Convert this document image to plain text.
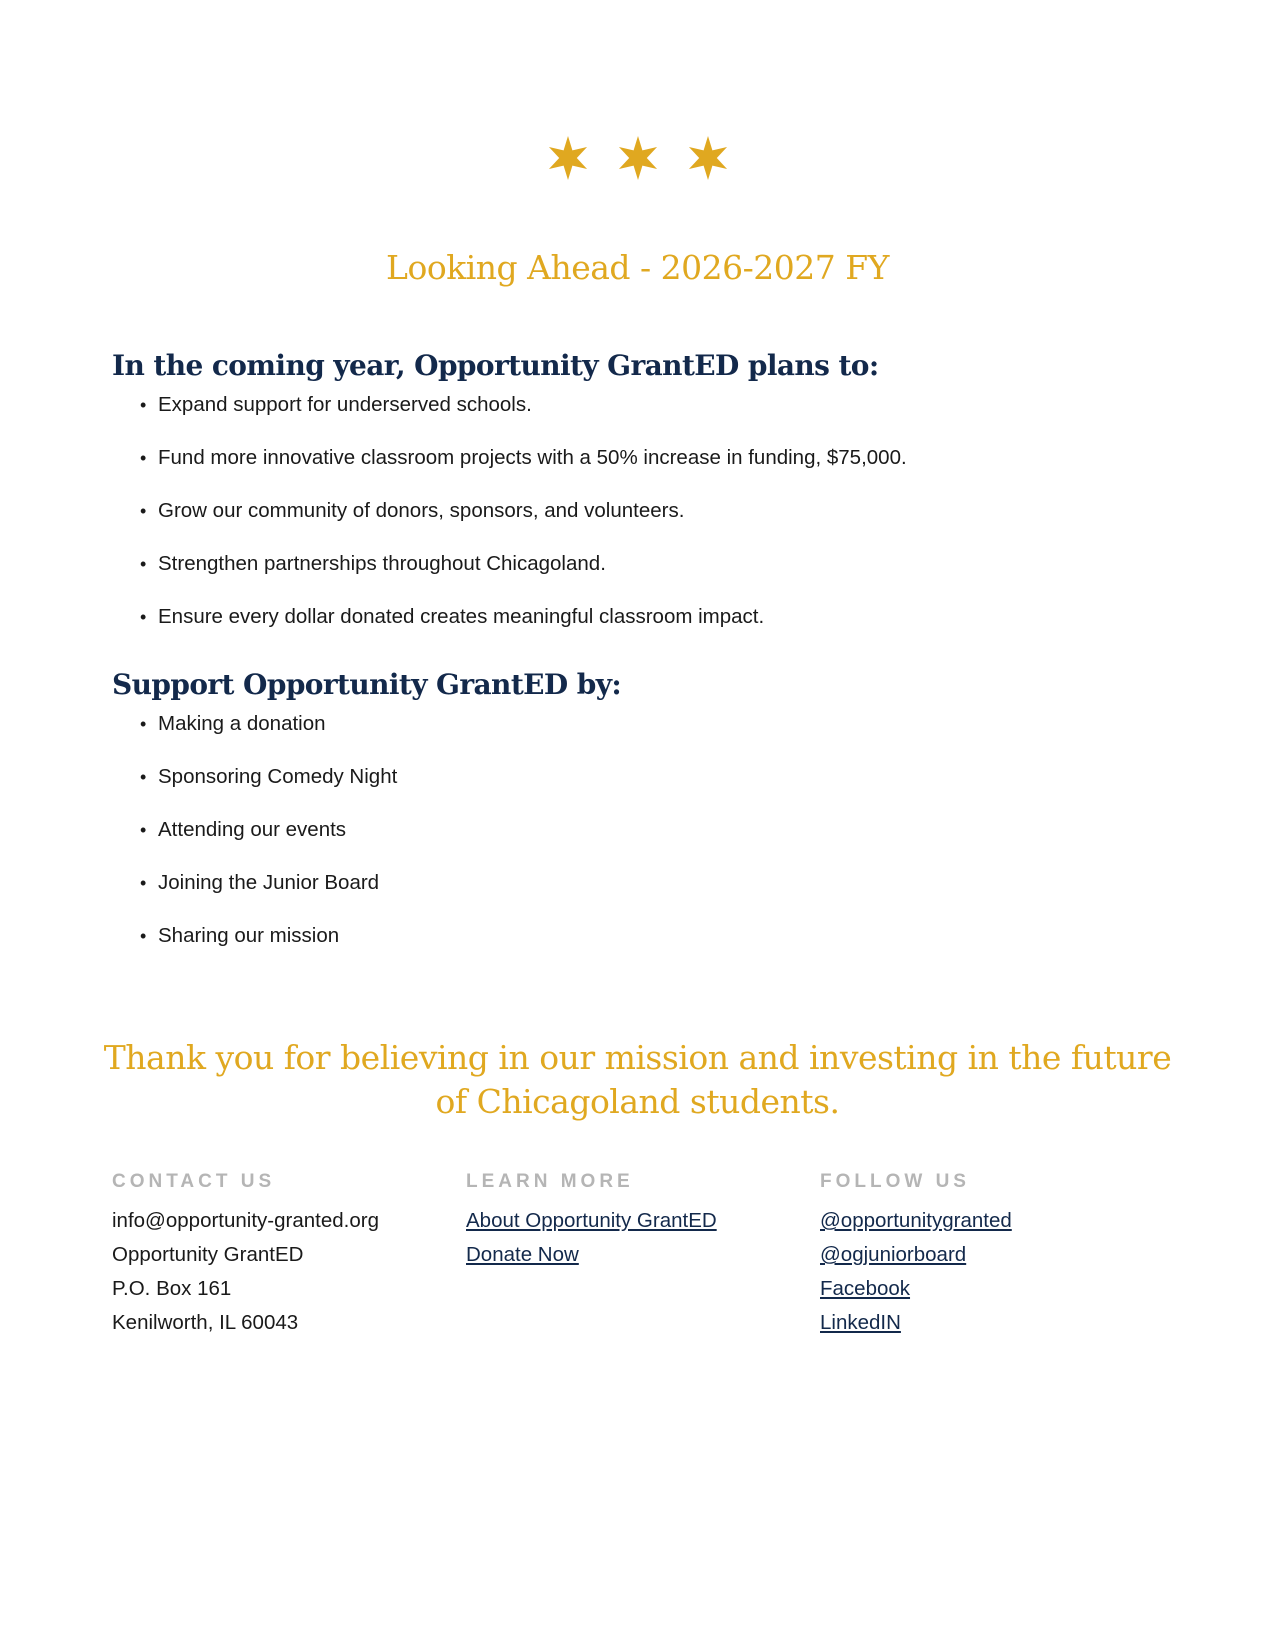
Looking Ahead - 2026-2027 FY
In the coming year, Opportunity GrantED plans to:
• Expand support for underserved schools.
• Fund more innovative classroom projects with a 50% increase in funding, $75,000.
• Grow our community of donors, sponsors, and volunteers.
• Strengthen partnerships throughout Chicagoland.
• Ensure every dollar donated creates meaningful classroom impact.
Support Opportunity GrantED by:
• Making a donation
• Sponsoring Comedy Night
• Attending our events
• Joining the Junior Board
• Sharing our mission
Thank you for believing in our mission and investing in the future of Chicagoland students.
CONTACT US
info@opportunity-granted.org
Opportunity GrantED
P.O. Box 161
Kenilworth, IL 60043
LEARN MORE
About Opportunity GrantED
Donate Now
FOLLOW US
@opportunitygranted
@ogjuniorboard
Facebook
LinkedIN
